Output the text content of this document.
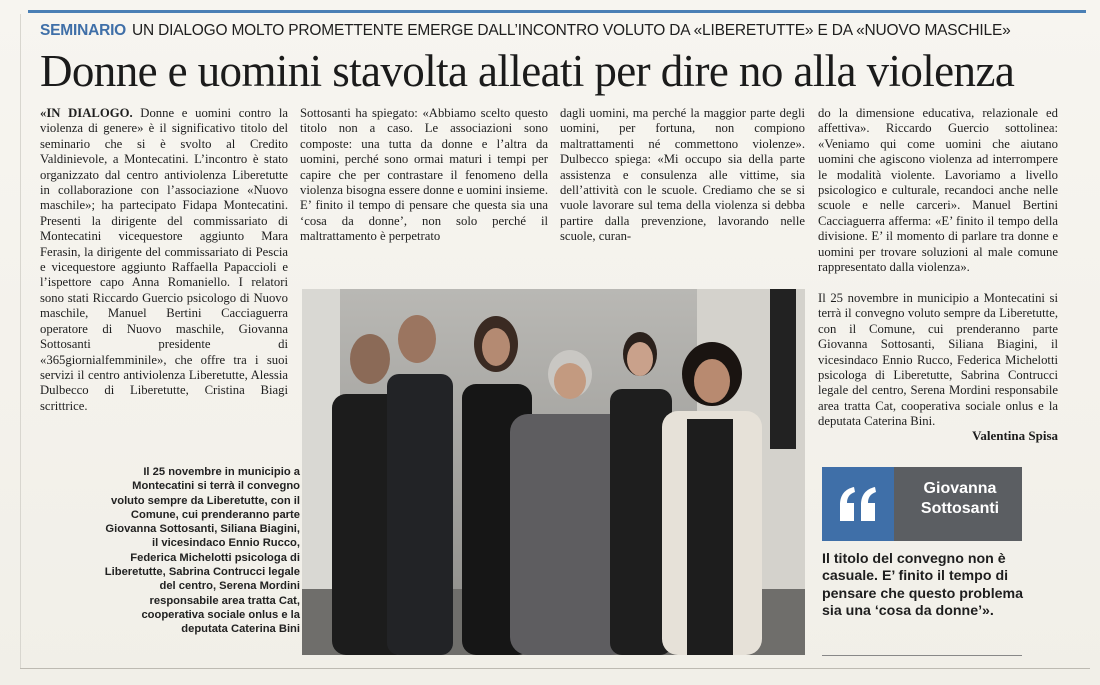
SEMINARIO UN DIALOGO MOLTO PROMETTENTE EMERGE DALL’INCONTRO VOLUTO DA «LIBERETUTTE» E DA «NUOVO MASCHILE»
Donne e uomini stavolta alleati per dire no alla violenza
«IN DIALOGO. Donne e uomini contro la violenza di genere» è il significativo titolo del seminario che si è svolto al Credito Valdinievole, a Montecatini. L’incontro è stato organizzato dal centro antiviolenza Liberetutte in collaborazione con l’associazione «Nuovo maschile»; ha partecipato Fidapa Montecatini. Presenti la dirigente del commissariato di Montecatini vicequestore aggiunto Mara Ferasin, la dirigente del commissariato di Pescia e vicequestore aggiunto Raffaella Papaccioli e l’ispettore capo Anna Romaniello. I relatori sono stati Riccardo Guercio psicologo di Nuovo maschile, Manuel Bertini Cacciaguerra operatore di Nuovo maschile, Giovanna Sottosanti presidente di «365giornialfemminile», che offre tra i suoi servizi il centro antiviolenza Liberetutte, Alessia Dulbecco di Liberetutte, Cristina Biagi scrittrice.
Sottosanti ha spiegato: «Abbiamo scelto questo titolo non a caso. Le associazioni sono composte: una tutta da donne e l’altra da uomini, perché sono ormai maturi i tempi per capire che per contrastare il fenomeno della violenza bisogna essere donne e uomini insieme. E’ finito il tempo di pensare che questa sia una ‘cosa da donne’, non solo perché il maltrattamento è perpetrato
dagli uomini, ma perché la maggior parte degli uomini, per fortuna, non compiono maltrattamenti né commettono violenze». Dulbecco spiega: «Mi occupo sia della parte assistenza e consulenza alle vittime, sia dell’attività con le scuole. Crediamo che se si vuole lavorare sul tema della violenza si debba partire dalla prevenzione, lavorando nelle scuole, curan-
do la dimensione educativa, relazionale ed affettiva». Riccardo Guercio sottolinea: «Veniamo qui come uomini che aiutano uomini che agiscono violenza ad interrompere le modalità violente. Lavoriamo a livello psicologico e culturale, recandoci anche nelle scuole e nelle carceri». Manuel Bertini Cacciaguerra afferma: «E’ finito il tempo della divisione. E’ il momento di parlare tra donne e uomini per trovare soluzioni al male comune rappresentato dalla violenza».
Il 25 novembre in municipio a Montecatini si terrà il convegno voluto sempre da Liberetutte, con il Comune, cui prenderanno parte Giovanna Sottosanti, Siliana Biagini, il vicesindaco Ennio Rucco, Federica Michelotti psicologa di Liberetutte, Sabrina Contrucci legale del centro, Serena Mordini responsabile area tratta Cat, cooperativa sociale onlus e la deputata Caterina Bini.
Valentina Spisa
Il 25 novembre in municipio a Montecatini si terrà il convegno voluto sempre da Liberetutte, con il Comune, cui prenderanno parte Giovanna Sottosanti, Siliana Biagini, il vicesindaco Ennio Rucco, Federica Michelotti psicologa di Liberetutte, Sabrina Contrucci legale del centro, Serena Mordini responsabile area tratta Cat, cooperativa sociale onlus e la deputata Caterina Bini
Giovanna Sottosanti
Il titolo del convegno non è casuale. E’ finito il tempo di pensare che questo problema sia una ‘cosa da donne’».
